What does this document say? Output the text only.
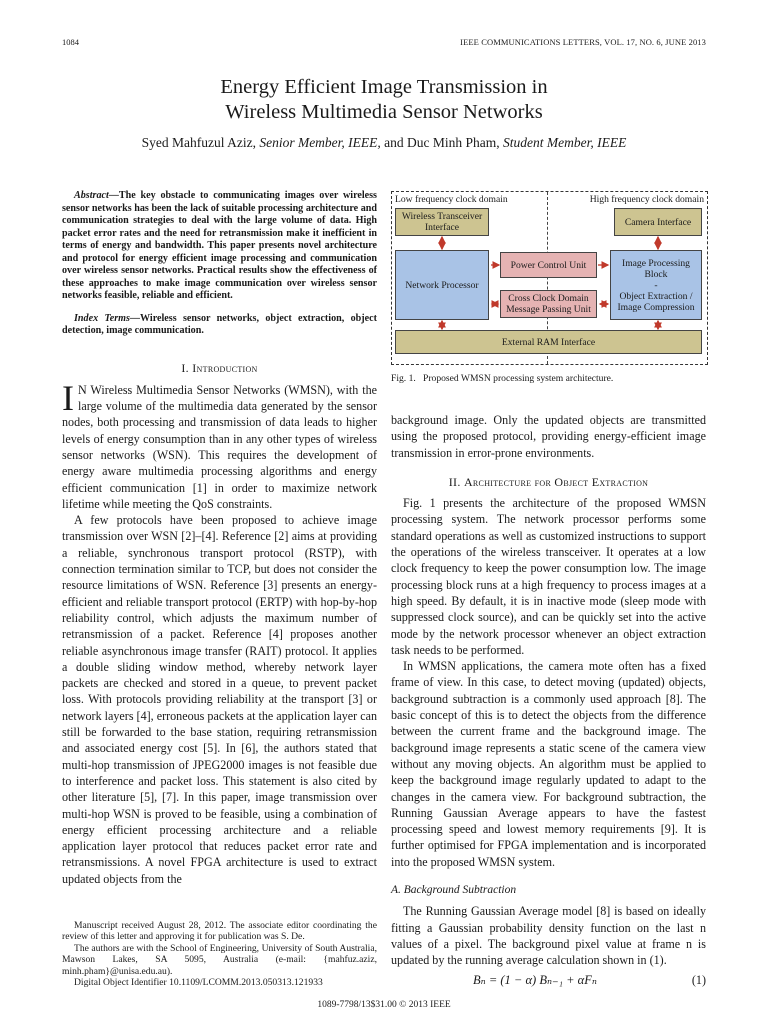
1084	IEEE COMMUNICATIONS LETTERS, VOL. 17, NO. 6, JUNE 2013
Energy Efficient Image Transmission in
Wireless Multimedia Sensor Networks
Syed Mahfuzul Aziz, Senior Member, IEEE, and Duc Minh Pham, Student Member, IEEE

Abstract—The key obstacle to communicating images over wireless sensor networks has been the lack of suitable processing architecture and communication strategies to deal with the large volume of data. High packet error rates and the need for retransmission make it inefficient in terms of energy and bandwidth. This paper presents novel architecture and protocol for energy efficient image processing and communication over wireless sensor networks. Practical results show the effectiveness of these approaches to make image communication over wireless sensor networks feasible, reliable and efficient.

Index Terms—Wireless sensor networks, object extraction, object detection, image communication.

I. Introduction

I N Wireless Multimedia Sensor Networks (WMSN), with the large volume of the multimedia data generated by the sensor nodes, both processing and transmission of data leads to higher levels of energy consumption than in any other types of wireless sensor networks (WSN). This requires the development of energy aware multimedia processing algorithms and energy efficient communication [1] in order to maximize network lifetime while meeting the QoS constraints.

A few protocols have been proposed to achieve image transmission over WSN [2]–[4]. Reference [2] aims at providing a reliable, synchronous transport protocol (RSTP), with connection termination similar to TCP, but does not consider the resource limitations of WSN. Reference [3] presents an energy-efficient and reliable transport protocol (ERTP) with hop-by-hop reliability control, which adjusts the maximum number of retransmission of a packet. Reference [4] proposes another reliable asynchronous image transfer (RAIT) protocol. It applies a double sliding window method, whereby network layer packets are checked and stored in a queue, to prevent packet loss. With protocols providing reliability at the transport [3] or network layers [4], erroneous packets at the application layer can still be forwarded to the base station, requiring retransmission and associated energy cost [5]. In [6], the authors stated that multi-hop transmission of JPEG2000 images is not feasible due to interference and packet loss. This statement is also cited by other literature [5], [7]. In this paper, image transmission over multi-hop WSN is proved to be feasible, using a combination of energy efficient processing architecture and a reliable application layer protocol that reduces packet error rate and retransmissions. A novel FPGA architecture is used to extract updated objects from the

Manuscript received August 28, 2012. The associate editor coordinating the review of this letter and approving it for publication was S. De.

The authors are with the School of Engineering, University of South Australia, Mawson Lakes, SA 5095, Australia (e-mail: {mahfuz.aziz, minh.pham}@unisa.edu.au).

Digital Object Identifier 10.1109/LCOMM.2013.050313.121933

Low frequency clock domain	High frequency clock domain
Wireless Transceiver Interface	Camera Interface
Network Processor
Power Control Unit
Cross Clock Domain Message Passing Unit
Image Processing Block
-
Object Extraction / Image Compression
External RAM Interface
Fig. 1. Proposed WMSN processing system architecture.

background image. Only the updated objects are transmitted using the proposed protocol, providing energy-efficient image transmission in error-prone environments.

II. Architecture for Object Extraction

Fig. 1 presents the architecture of the proposed WMSN processing system. The network processor performs some standard operations as well as customized instructions to support the operations of the wireless transceiver. It operates at a low clock frequency to keep the power consumption low. The image processing block runs at a high frequency to process images at a high speed. By default, it is in inactive mode (sleep mode with suppressed clock source), and can be quickly set into the active mode by the network processor whenever an object extraction task needs to be performed.

In WMSN applications, the camera mote often has a fixed frame of view. In this case, to detect moving (updated) objects, background subtraction is a commonly used approach [8]. The basic concept of this is to detect the objects from the difference between the current frame and the background image. The background image represents a static scene of the camera view without any moving objects. An algorithm must be applied to keep the background image regularly updated to adapt to the changes in the camera view. For background subtraction, the Running Gaussian Average appears to have the fastest processing speed and lowest memory requirements [9]. It is further optimised for FPGA implementation and is incorporated into the proposed WMSN system.

A. Background Subtraction

The Running Gaussian Average model [8] is based on ideally fitting a Gaussian probability density function on the last n values of a pixel. The background pixel value at frame n is updated by the running average calculation shown in (1).

Bₙ = (1 − α) Bₙ₋₁ + αFₙ	(1)
1089-7798/13$31.00 © 2013 IEEE
